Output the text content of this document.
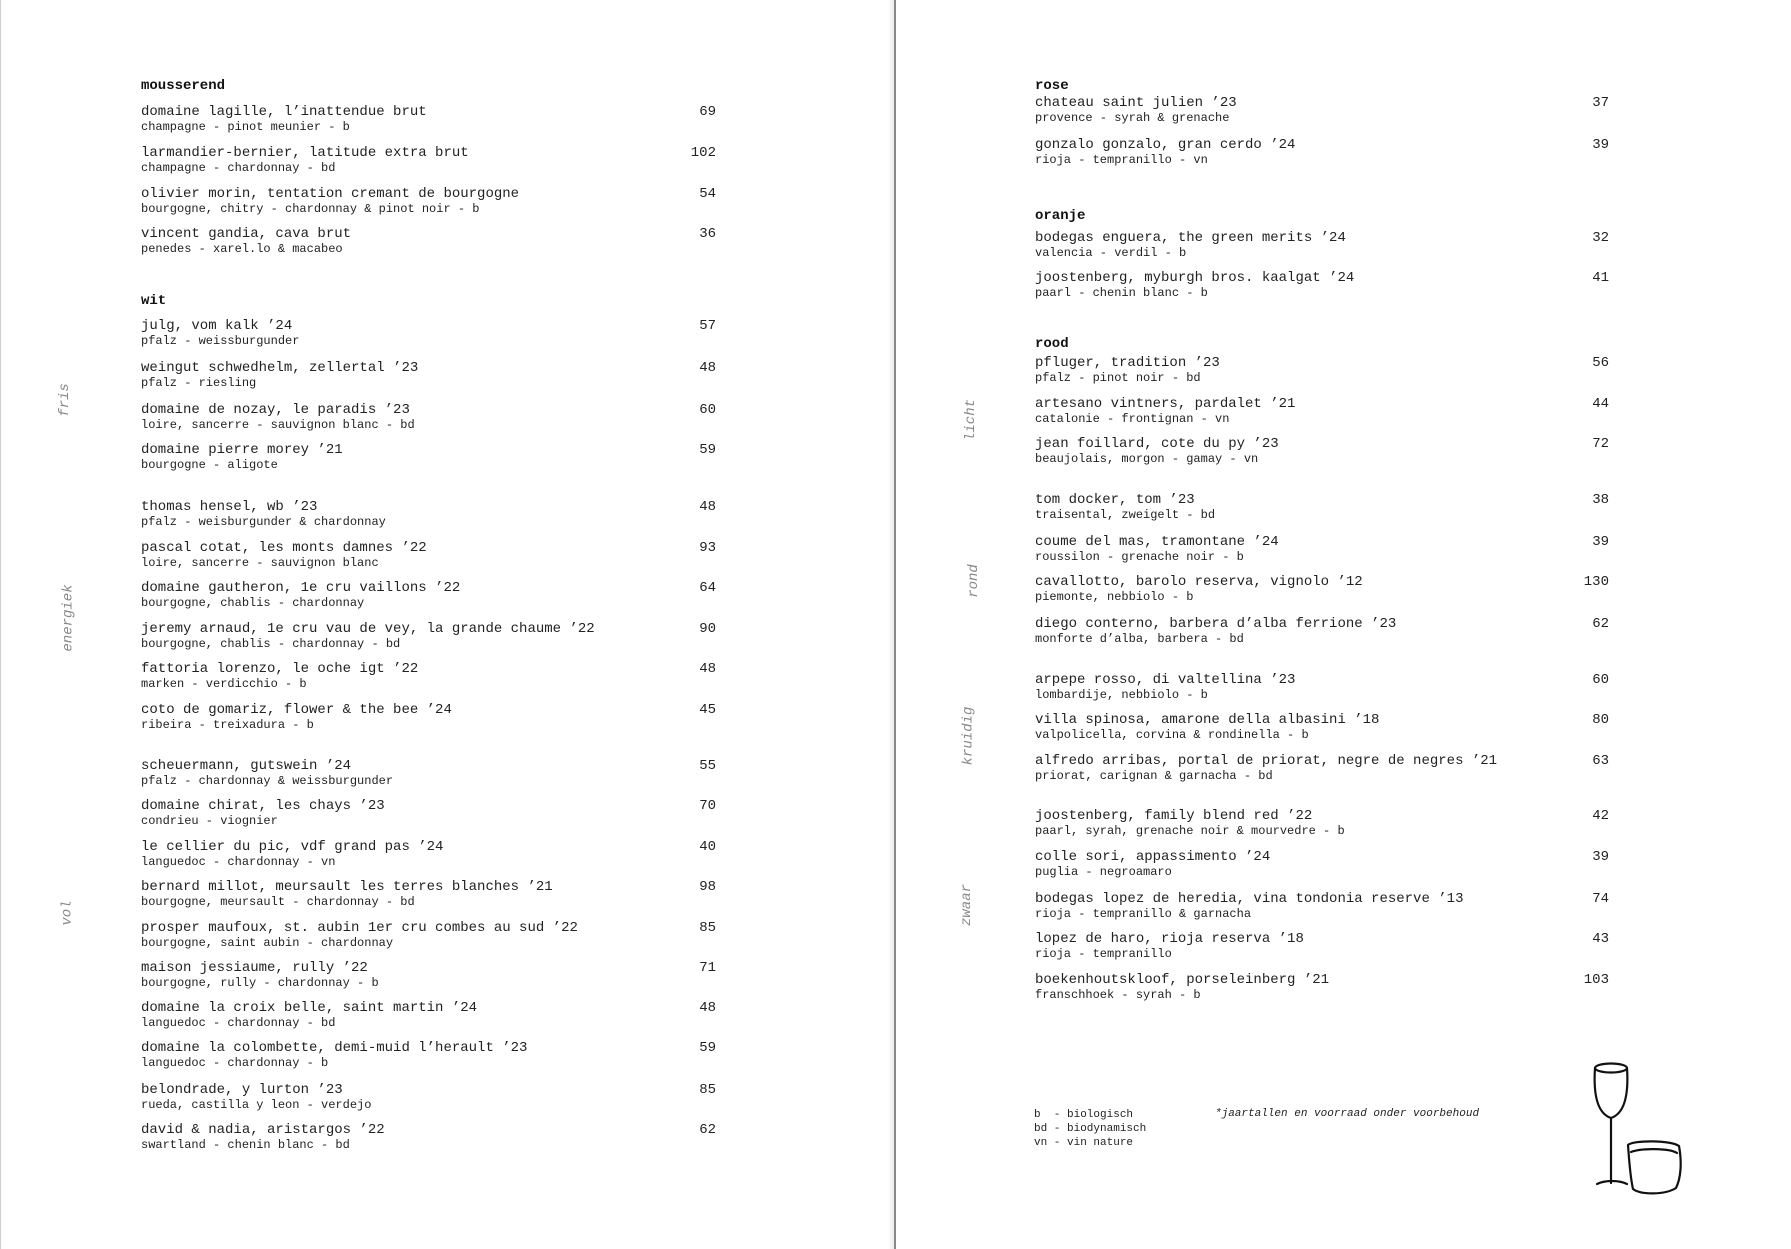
mousserend
domaine lagille, l’inattendue brut
champagne - pinot meunier - b
69
larmandier-bernier, latitude extra brut
champagne - chardonnay - bd
102
olivier morin, tentation cremant de bourgogne
bourgogne, chitry - chardonnay & pinot noir - b
54
vincent gandia, cava brut
penedes - xarel.lo & macabeo
36
julg, vom kalk ’24
pfalz - weissburgunder
57
weingut schwedhelm, zellertal ’23
pfalz - riesling
48
domaine de nozay, le paradis ’23
loire, sancerre - sauvignon blanc - bd
60
domaine pierre morey ’21
bourgogne - aligote
59
thomas hensel, wb ’23
pfalz - weisburgunder & chardonnay
48
pascal cotat, les monts damnes ’22
loire, sancerre - sauvignon blanc
93
domaine gautheron, 1e cru vaillons ’22
bourgogne, chablis - chardonnay
64
jeremy arnaud, 1e cru vau de vey, la grande chaume ’22
bourgogne, chablis - chardonnay - bd
90
fattoria lorenzo, le oche igt ’22
marken - verdicchio - b
48
coto de gomariz, flower & the bee ’24
ribeira - treixadura - b
45
scheuermann, gutswein ’24
pfalz - chardonnay & weissburgunder
55
domaine chirat, les chays ’23
condrieu - viognier
70
le cellier du pic, vdf grand pas ’24
languedoc - chardonnay - vn
40
bernard millot, meursault les terres blanches ’21
bourgogne, meursault - chardonnay - bd
98
prosper maufoux, st. aubin 1er cru combes au sud ’22
bourgogne, saint aubin - chardonnay
85
maison jessiaume, rully ’22
bourgogne, rully - chardonnay - b
71
domaine la croix belle, saint martin ’24
languedoc - chardonnay - bd
48
domaine la colombette, demi-muid l’herault ’23
languedoc - chardonnay - b
59
belondrade, y lurton ’23
rueda, castilla y leon - verdejo
85
david & nadia, aristargos ’22
swartland - chenin blanc - bd
62
wit
fris
energiek
vol
rose
oranje
rood
chateau saint julien ’23
provence - syrah & grenache
37
gonzalo gonzalo, gran cerdo ’24
rioja - tempranillo - vn
39
bodegas enguera, the green merits ’24
valencia - verdil - b
32
joostenberg, myburgh bros. kaalgat ’24
paarl - chenin blanc - b
41
pfluger, tradition ’23
pfalz - pinot noir - bd
56
artesano vintners, pardalet ’21
catalonie - frontignan - vn
44
jean foillard, cote du py ’23
beaujolais, morgon - gamay - vn
72
tom docker, tom ’23
traisental, zweigelt - bd
38
coume del mas, tramontane ’24
roussilon - grenache noir - b
39
cavallotto, barolo reserva, vignolo ’12
piemonte, nebbiolo - b
130
diego conterno, barbera d’alba ferrione ’23
monforte d’alba, barbera - bd
62
arpepe rosso, di valtellina ’23
lombardije, nebbiolo - b
60
villa spinosa, amarone della albasini ’18
valpolicella, corvina & rondinella - b
80
alfredo arribas, portal de priorat, negre de negres ’21
priorat, carignan & garnacha - bd
63
joostenberg, family blend red ’22
paarl, syrah, grenache noir & mourvedre - b
42
colle sori, appassimento ’24
puglia - negroamaro
39
bodegas lopez de heredia, vina tondonia reserve ’13
rioja - tempranillo & garnacha
74
lopez de haro, rioja reserva ’18
rioja - tempranillo
43
boekenhoutskloof, porseleinberg ’21
franschhoek - syrah - b
103
licht
rond
kruidig
zwaar
b  - biologisch
bd - biodynamisch
vn - vin nature
*jaartallen en voorraad onder voorbehoud
